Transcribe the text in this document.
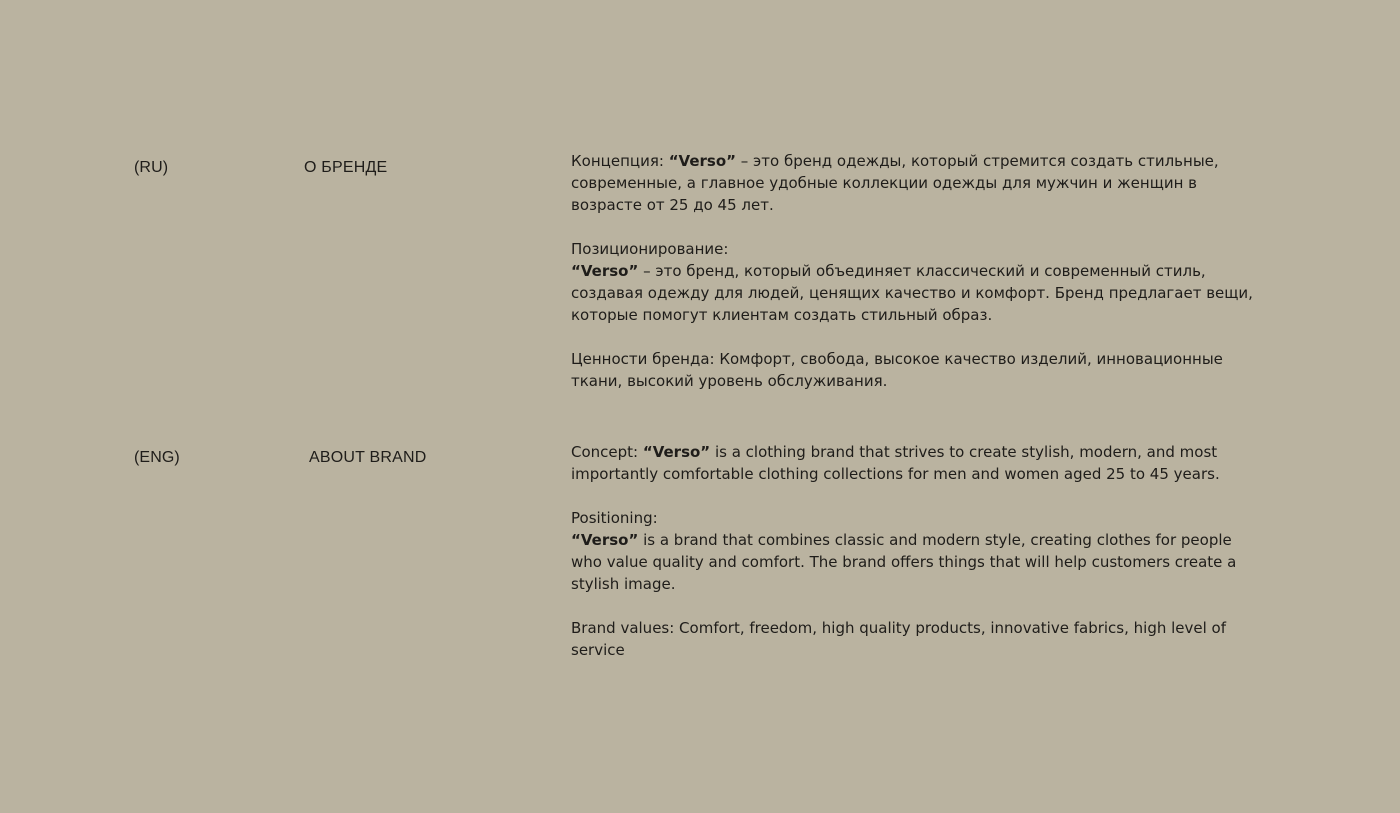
(RU)	О БРЕНДЕ	Концепция: “Verso” – это бренд одежды, который стремится создать стильные, современные, а главное удобные коллекции одежды для мужчин и женщин в возрасте от 25 до 45 лет.

Позиционирование:
“Verso” – это бренд, который объединяет классический и современный стиль, создавая одежду для людей, ценящих качество и комфорт. Бренд предлагает вещи, которые помогут клиентам создать стильный образ.

Ценности бренда: Комфорт, свобода, высокое качество изделий, инновационные ткани, высокий уровень обслуживания.

(ENG)	ABOUT BRAND	Concept: “Verso” is a clothing brand that strives to create stylish, modern, and most importantly comfortable clothing collections for men and women aged 25 to 45 years.

Positioning:
“Verso” is a brand that combines classic and modern style, creating clothes for people who value quality and comfort. The brand offers things that will help customers create a stylish image.

Brand values: Comfort, freedom, high quality products, innovative fabrics, high level of service
